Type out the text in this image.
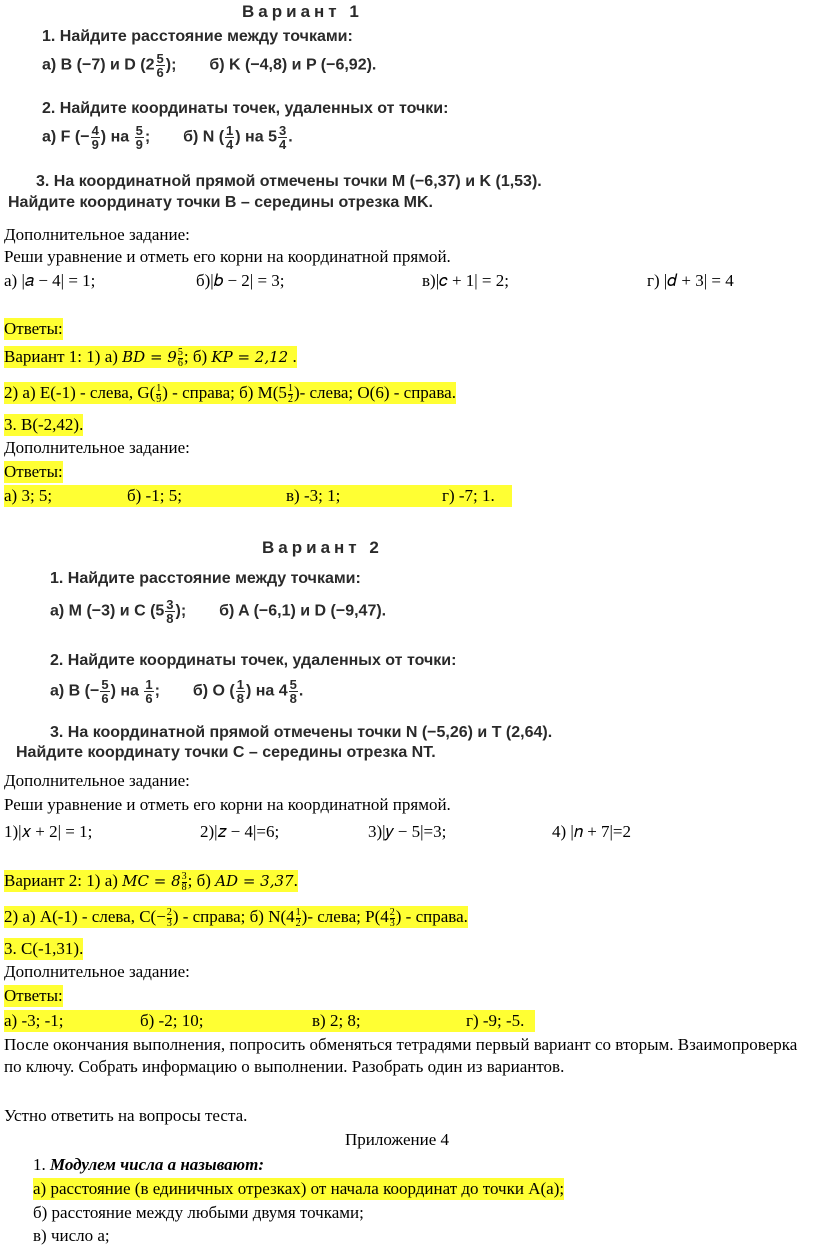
Вариант 1
1. Найдите расстояние между точками:
а) B (−7) и D ($2 \frac{5}{6}$ ); б) K (−4,8) и P (−6,92).
2. Найдите координаты точек, удаленных от точки:
а) F (− $\frac{4}{9}$ ) на $\frac{5}{9}$ ; б) N ( $\frac{1}{4}$ ) на $5 \frac{3}{4}$ .
3. На координатной прямой отмечены точки M (−6,37) и K (1,53).
Найдите координату точки B – середины отрезка MK.
Дополнительное задание:
Реши уравнение и отметь его корни на координатной прямой.
а) |𝑎 − 4| = 1;	б)|𝑏 − 2| = 3;	в)|𝑐 + 1| = 2;	г) |𝑑 + 3| = 4
Ответы:
Вариант 1: 1) а) 𝐵𝐷 = $9 \frac{5}{6}$ ; б) 𝐾𝑃 = 2,12 .
2) а) E(-1) - слева, $G( \frac{1}{9}$ ) - справа; б) $M(5 \frac{1}{2}$ )- слева; O(6) - справа.
3. B(-2,42).
Дополнительное задание:
Ответы:
а) 3; 5;	б) -1; 5;	в) -3; 1;	г) -7; 1.
Вариант 2
1. Найдите расстояние между точками:
а) M (−3) и C ($5 \frac{3}{8}$ ); б) A (−6,1) и D (−9,47).
2. Найдите координаты точек, удаленных от точки:
а) B (− $\frac{5}{6}$ ) на $\frac{1}{6}$ ; б) O ( $\frac{1}{8}$ ) на $4 \frac{5}{8}$ .
3. На координатной прямой отмечены точки N (−5,26) и T (2,64).
Найдите координату точки C – середины отрезка NT.
Дополнительное задание:
Реши уравнение и отметь его корни на координатной прямой.
1)|𝑥 + 2| = 1;	2)|𝑧 − 4|=6;	3)|𝑦 − 5|=3;	4) |𝑛 + 7|=2
Вариант 2: 1) а) MC = $8 \frac{3}{8}$ ; б) 𝐴𝐷 = 3,37.
2) а) A(-1) - слева, $C(- \frac{2}{3}$ ) - справа; б) $N(4 \frac{1}{2}$ )- слева; $P(4 \frac{2}{3}$ ) - справа.
3. C(-1,31).
Дополнительное задание:
Ответы:
а) -3; -1;	б) -2; 10;	в) 2; 8;	г) -9; -5.
После окончания выполнения, попросить обменяться тетрадями первый вариант со вторым. Взаимопроверка по ключу. Собрать информацию о выполнении. Разобрать один из вариантов.
Устно ответить на вопросы теста.
Приложение 4
1. Модулем числа а называют:
а) расстояние (в единичных отрезках) от начала координат до точки A(a);
б) расстояние между любыми двумя точками;
в) число а;
